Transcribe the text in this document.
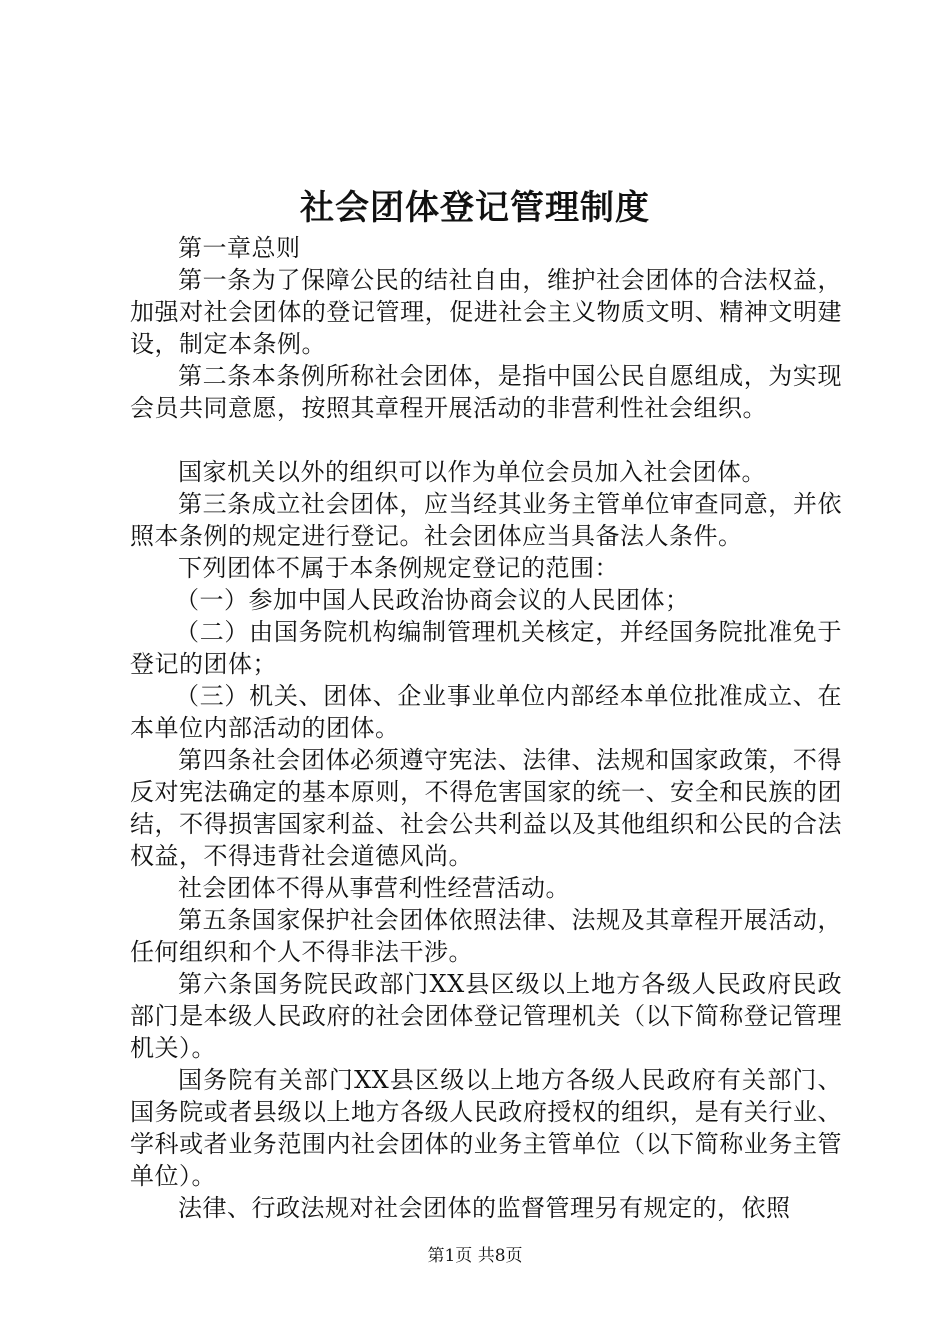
社会团体登记管理制度

第一章总则

第一条为了保障公民的结社自由，维护社会团体的合法权益，加强对社会团体的登记管理，促进社会主义物质文明、精神文明建设，制定本条例。

第二条本条例所称社会团体，是指中国公民自愿组成，为实现会员共同意愿，按照其章程开展活动的非营利性社会组织。

国家机关以外的组织可以作为单位会员加入社会团体。

第三条成立社会团体，应当经其业务主管单位审查同意，并依照本条例的规定进行登记。社会团体应当具备法人条件。

下列团体不属于本条例规定登记的范围：

（一）参加中国人民政治协商会议的人民团体；

（二）由国务院机构编制管理机关核定，并经国务院批准免于登记的团体；

（三）机关、团体、企业事业单位内部经本单位批准成立、在本单位内部活动的团体。

第四条社会团体必须遵守宪法、法律、法规和国家政策，不得反对宪法确定的基本原则，不得危害国家的统一、安全和民族的团结，不得损害国家利益、社会公共利益以及其他组织和公民的合法权益，不得违背社会道德风尚。

社会团体不得从事营利性经营活动。

第五条国家保护社会团体依照法律、法规及其章程开展活动，任何组织和个人不得非法干涉。

第六条国务院民政部门XX县区级以上地方各级人民政府民政部门是本级人民政府的社会团体登记管理机关（以下简称登记管理机关）。

国务院有关部门XX县区级以上地方各级人民政府有关部门、国务院或者县级以上地方各级人民政府授权的组织，是有关行业、学科或者业务范围内社会团体的业务主管单位（以下简称业务主管单位）。

法律、行政法规对社会团体的监督管理另有规定的，依照

第1页 共8页
